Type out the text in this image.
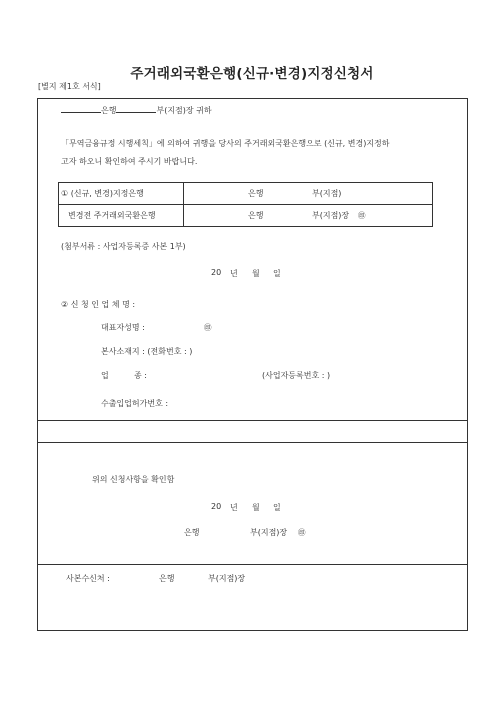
주거래외국환은행(신규·변경)지정신청서
[별지 제1호 서식]
은행	부(지점)장 귀하
「무역금융규정 시행세칙」에 의하여 귀행을 당사의 주거래외국환은행으로 (신규, 변경)지정하
고자 하오니 확인하여 주시기 바랍니다.
① (신규, 변경)지정은행	은행	부(지점)
변경전 주거래외국환은행	은행	부(지점)장 ㊞
(첨부서류 : 사업자등록증 사본 1부)
20 년 월 일
② 신 청 인 업 체 명 :
대표자성명 :	㊞
본사소재지 : (전화번호 : )
업	종 :	(사업자등록번호 : )
수출입업허가번호 :
위의 신청사항을 확인함
20 년 월 일
은행	부(지점)장 ㊞
사본수신처 :	은행	부(지점)장
